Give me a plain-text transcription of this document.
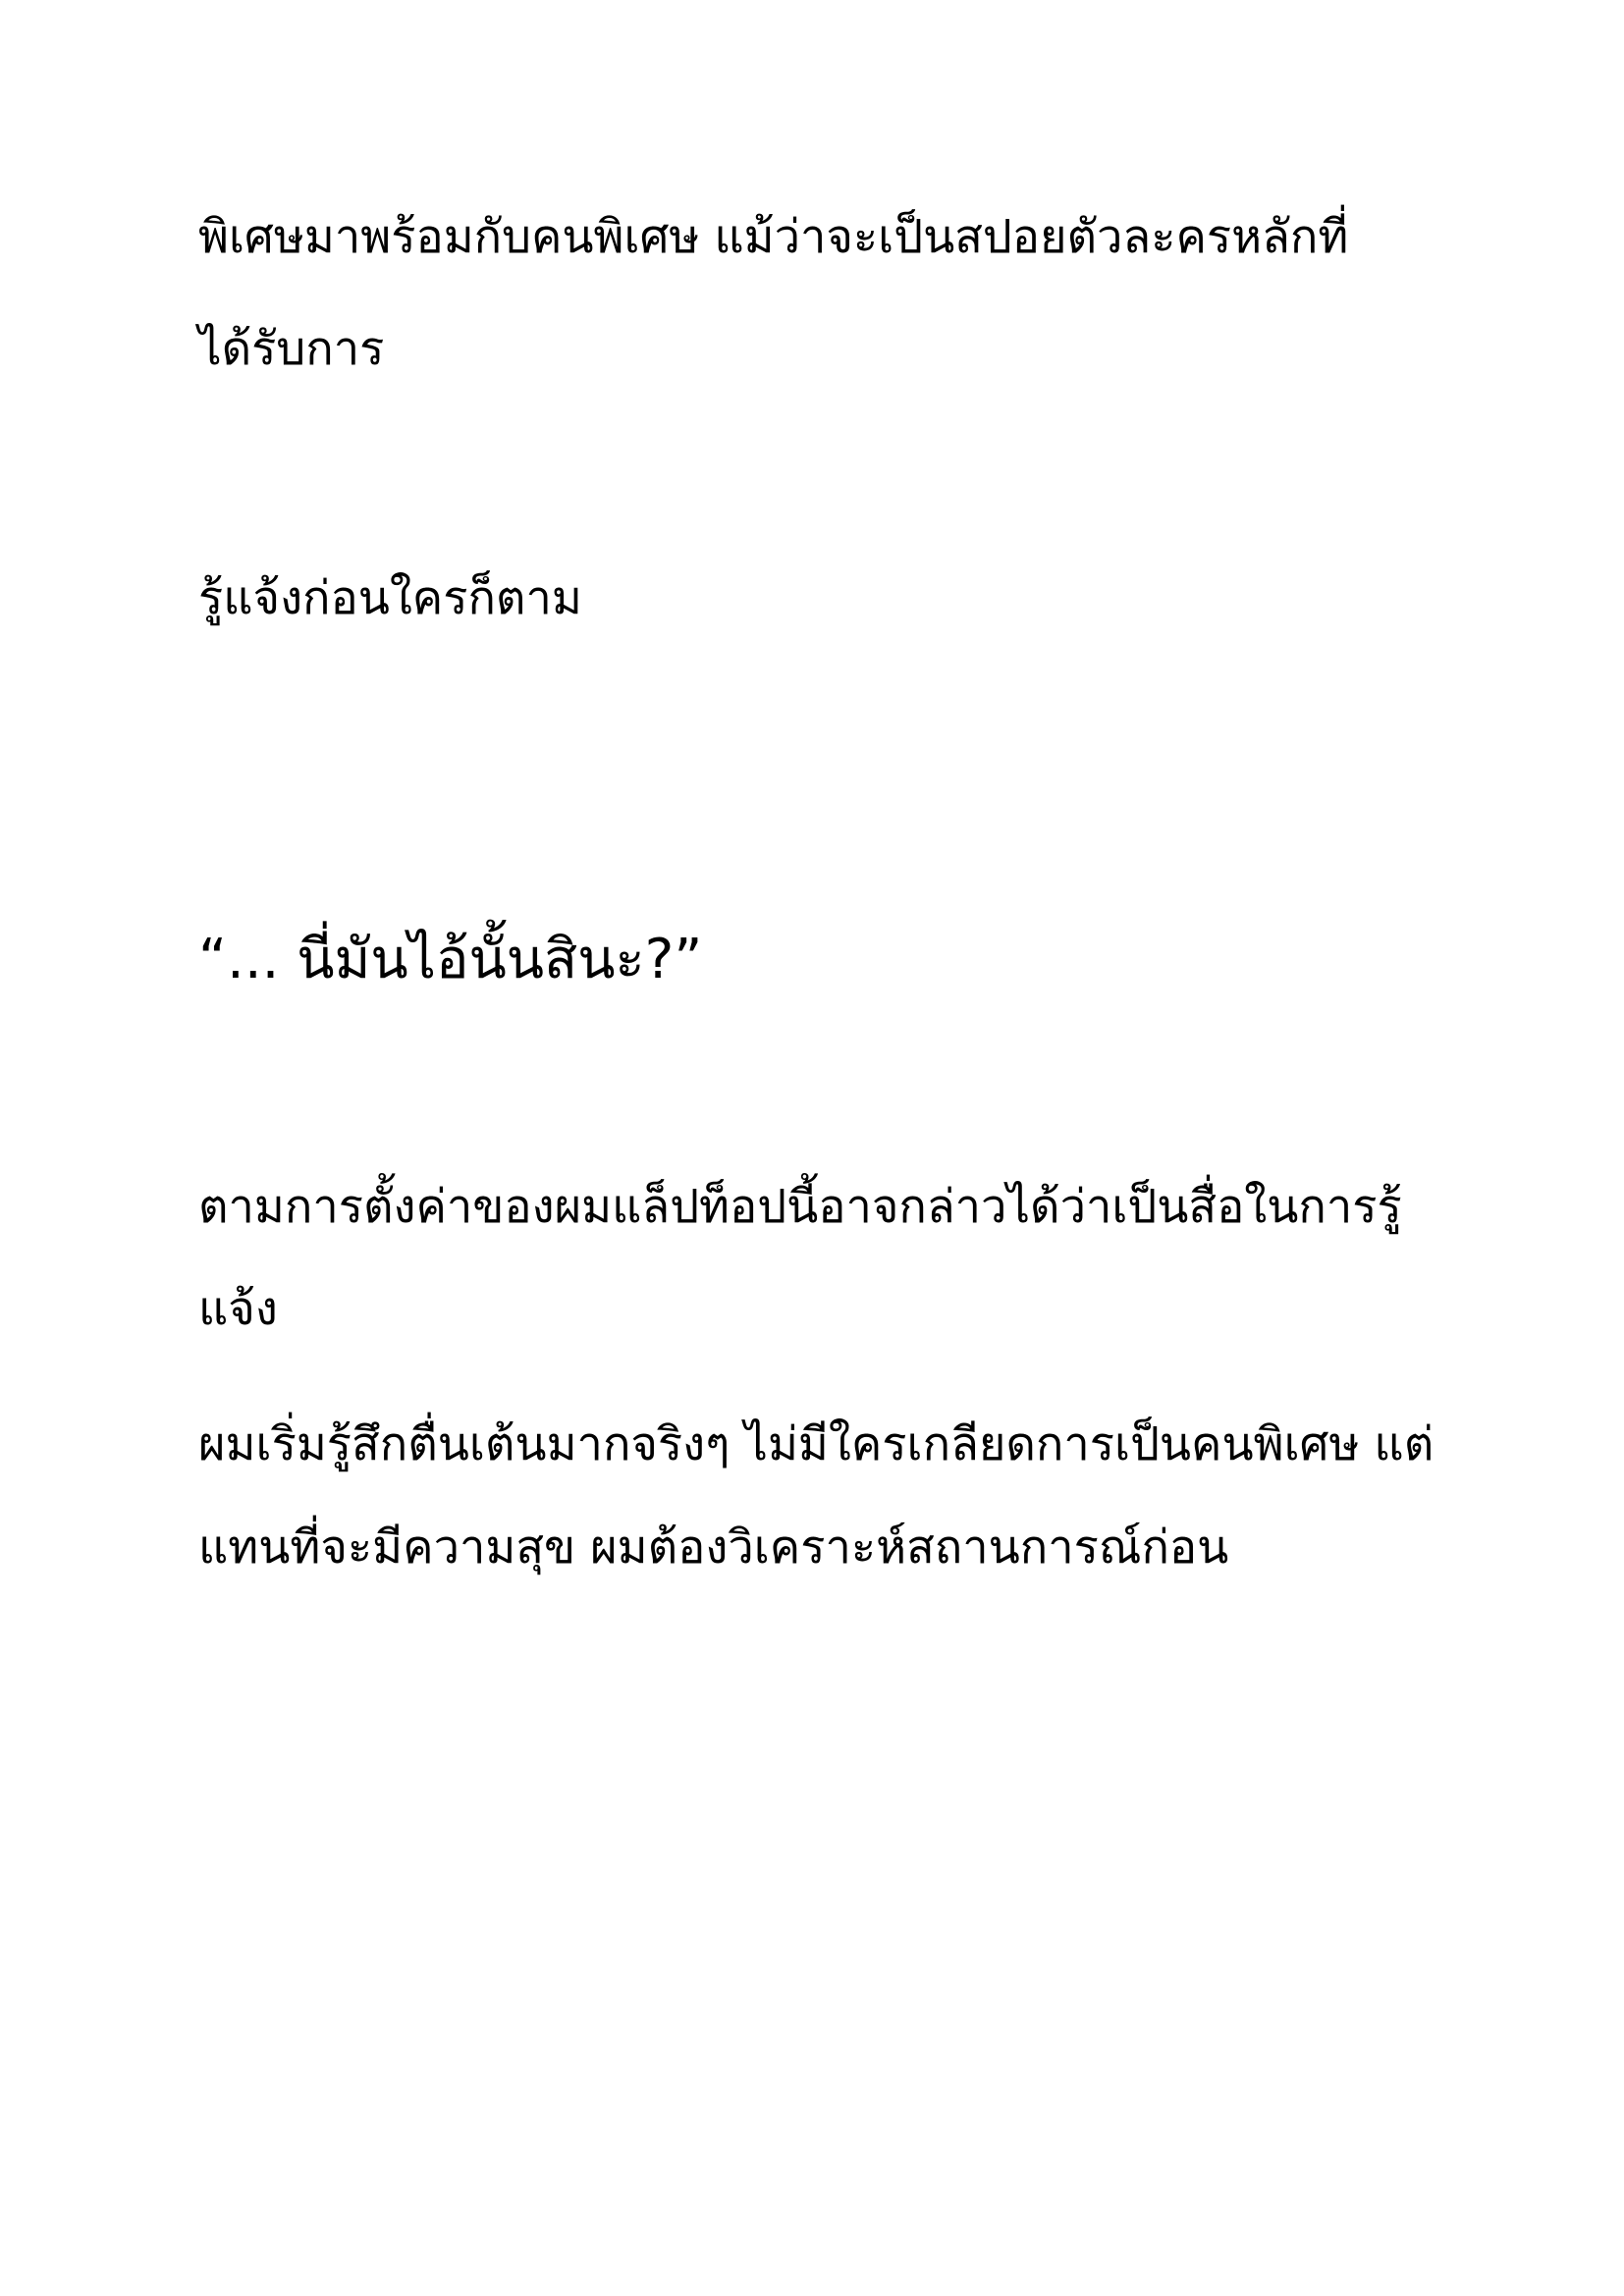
พิเศษมาพร้อมกับคนพิเศษ แม้ว่าจะเป็นสปอยตัวละครหลักที่
ได้รับการ
รู้แจ้งก่อนใครก็ตาม
“... นี่มันไอ้นั้นสินะ?”
ตามการตั้งค่าของผมแล็ปท็อปนี้อาจกล่าวได้ว่าเป็นสื่อในการรู้
แจ้ง
ผมเริ่มรู้สึกตื่นเต้นมากจริงๆ ไม่มีใครเกลียดการเป็นคนพิเศษ แต่
แทนที่จะมีความสุข ผมต้องวิเคราะห์สถานการณ์ก่อน
